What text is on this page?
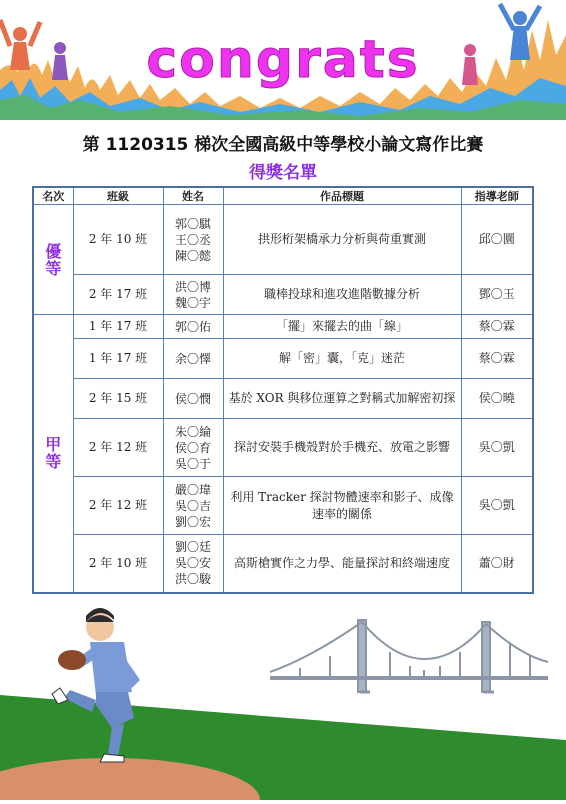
congrats
第 1120315 梯次全國高級中等學校小論文寫作比賽
得獎名單
名次	班級	姓名	作品標題	指導老師

優
等	2 年 10 班	郭〇騏
王〇丞
陳〇懿	拱形桁架橋承力分析與荷重實測	邱〇圜
	2 年 17 班	洪〇博
魏〇宇	職棒投球和進攻進階數據分析	鄧〇玉

甲
等	1 年 17 班	郭〇佑	「擺」來擺去的曲「線」	蔡〇霖
	1 年 17 班	余〇懌	解「密」囊，「克」迷茫	蔡〇霖
	2 年 15 班	侯〇憫	基於 XOR 與移位運算之對稱式加解密初探	侯〇曉
	2 年 12 班	朱〇綸
侯〇育
吳〇于	探討安裝手機殼對於手機充、放電之影響	吳〇凱
	2 年 12 班	嚴〇瑋
吳〇吉
劉〇宏	利用 Tracker 探討物體速率和影子、成像速率的關係	吳〇凱
	2 年 10 班	劉〇廷
吳〇安
洪〇駿	高斯槍實作之力學、能量探討和終端速度	蕭〇財
